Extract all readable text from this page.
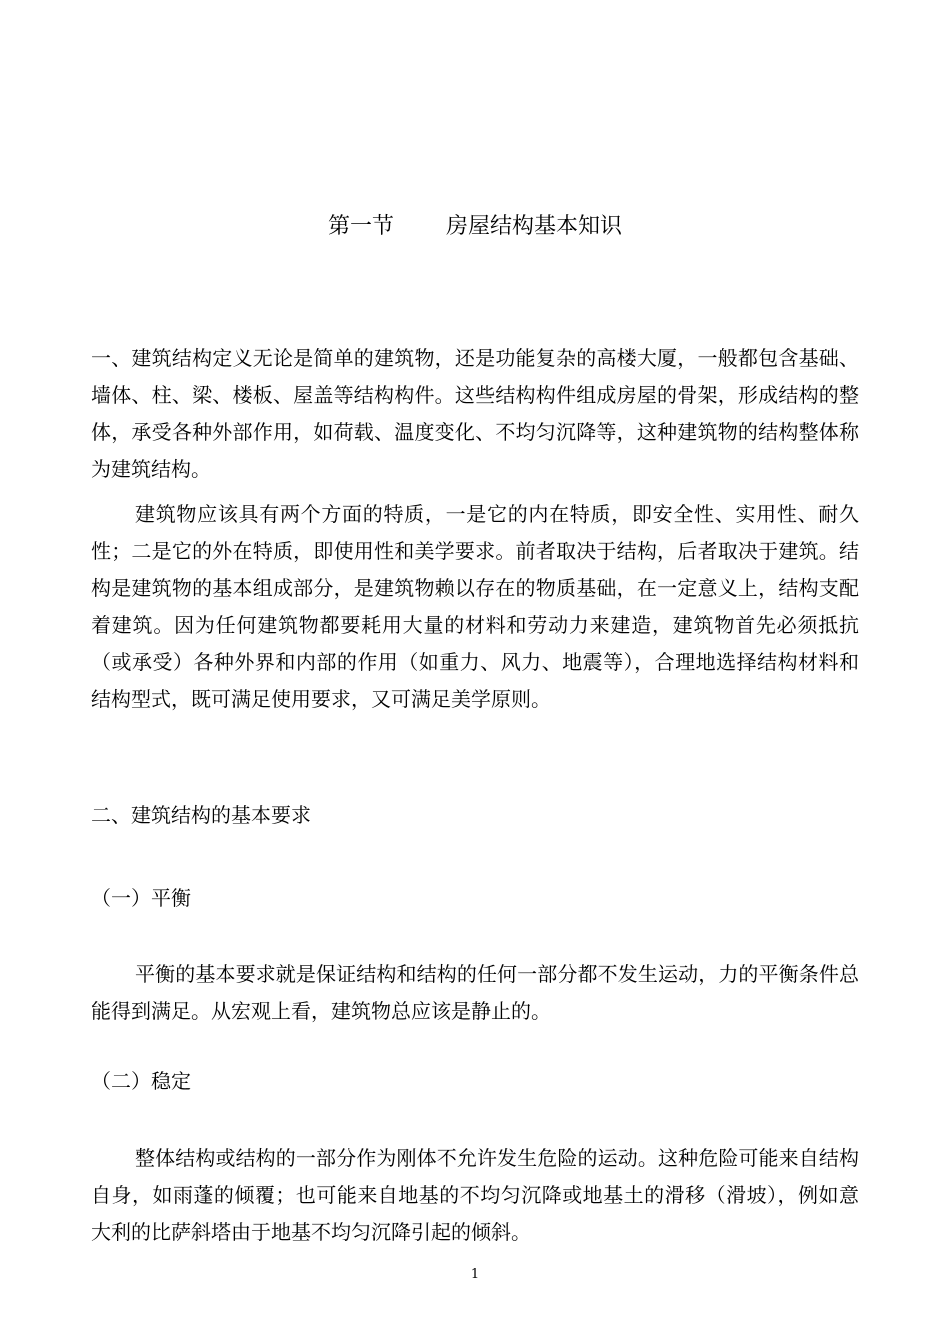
第一节 房屋结构基本知识

一、建筑结构定义无论是简单的建筑物，还是功能复杂的高楼大厦，一般都包含基础、墙体、柱、梁、楼板、屋盖等结构构件。这些结构构件组成房屋的骨架，形成结构的整体，承受各种外部作用，如荷载、温度变化、不均匀沉降等，这种建筑物的结构整体称为建筑结构。

建筑物应该具有两个方面的特质，一是它的内在特质，即安全性、实用性、耐久性；二是它的外在特质，即使用性和美学要求。前者取决于结构，后者取决于建筑。结构是建筑物的基本组成部分，是建筑物赖以存在的物质基础，在一定意义上，结构支配着建筑。因为任何建筑物都要耗用大量的材料和劳动力来建造，建筑物首先必须抵抗（或承受）各种外界和内部的作用（如重力、风力、地震等），合理地选择结构材料和结构型式，既可满足使用要求，又可满足美学原则。

二、建筑结构的基本要求

（一）平衡

平衡的基本要求就是保证结构和结构的任何一部分都不发生运动，力的平衡条件总能得到满足。从宏观上看，建筑物总应该是静止的。

（二）稳定

整体结构或结构的一部分作为刚体不允许发生危险的运动。这种危险可能来自结构自身，如雨蓬的倾覆；也可能来自地基的不均匀沉降或地基土的滑移（滑坡），例如意大利的比萨斜塔由于地基不均匀沉降引起的倾斜。

1
